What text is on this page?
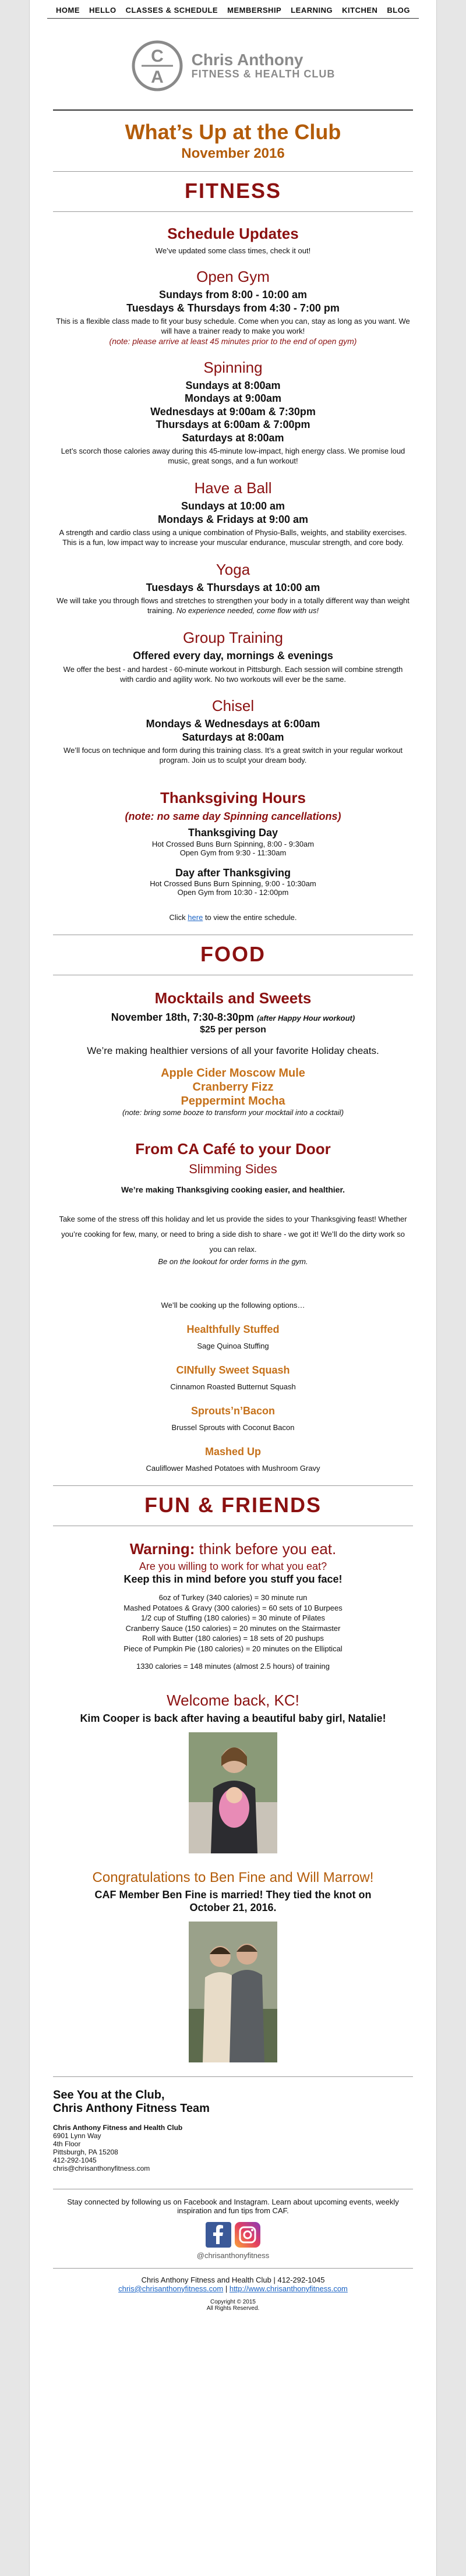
HOME HELLO CLASSES & SCHEDULE MEMBERSHIP LEARNING KITCHEN BLOG
C
A
Chris Anthony
FITNESS & HEALTH CLUB
What’s Up at the Club
November 2016
FITNESS
Schedule Updates
We’ve updated some class times, check it out!
Open Gym
Sundays from 8:00 - 10:00 am
Tuesdays & Thursdays from 4:30 - 7:00 pm
This is a flexible class made to fit your busy schedule. Come when you can, stay as long as you want. We will have a trainer ready to make you work!
(note: please arrive at least 45 minutes prior to the end of open gym)
Spinning
Sundays at 8:00am
Mondays at 9:00am
Wednesdays at 9:00am & 7:30pm
Thursdays at 6:00am & 7:00pm
Saturdays at 8:00am
Let’s scorch those calories away during this 45-minute low-impact, high energy class. We promise loud music, great songs, and a fun workout!
Have a Ball
Sundays at 10:00 am
Mondays & Fridays at 9:00 am
A strength and cardio class using a unique combination of Physio-Balls, weights, and stability exercises. This is a fun, low impact way to increase your muscular endurance, muscular strength, and core body.
Yoga
Tuesdays & Thursdays at 10:00 am
We will take you through flows and stretches to strengthen your body in a totally different way than weight training. No experience needed, come flow with us!
Group Training
Offered every day, mornings & evenings
We offer the best - and hardest - 60-minute workout in Pittsburgh. Each session will combine strength with cardio and agility work. No two workouts will ever be the same.
Chisel
Mondays & Wednesdays at 6:00am
Saturdays at 8:00am
We’ll focus on technique and form during this training class. It’s a great switch in your regular workout program. Join us to sculpt your dream body.
Thanksgiving Hours
(note: no same day Spinning cancellations)
Thanksgiving Day
Hot Crossed Buns Burn Spinning, 8:00 - 9:30am
Open Gym from 9:30 - 11:30am
Day after Thanksgiving
Hot Crossed Buns Burn Spinning, 9:00 - 10:30am
Open Gym from 10:30 - 12:00pm
Click here to view the entire schedule.
FOOD
Mocktails and Sweets
November 18th, 7:30-8:30pm (after Happy Hour workout)
$25 per person
We’re making healthier versions of all your favorite Holiday cheats.
Apple Cider Moscow Mule
Cranberry Fizz
Peppermint Mocha
(note: bring some booze to transform your mocktail into a cocktail)
From CA Café to your Door
Slimming Sides
We’re making Thanksgiving cooking easier, and healthier.
Take some of the stress off this holiday and let us provide the sides to your Thanksgiving feast! Whether you’re cooking for few, many, or need to bring a side dish to share - we got it! We’ll do the dirty work so you can relax.
Be on the lookout for order forms in the gym.
We’ll be cooking up the following options…
Healthfully Stuffed
Sage Quinoa Stuffing
CINfully Sweet Squash
Cinnamon Roasted Butternut Squash
Sprouts’n’Bacon
Brussel Sprouts with Coconut Bacon
Mashed Up
Cauliflower Mashed Potatoes with Mushroom Gravy
FUN & FRIENDS
Warning: think before you eat.
Are you willing to work for what you eat?
Keep this in mind before you stuff you face!
6oz of Turkey (340 calories) = 30 minute run
Mashed Potatoes & Gravy (300 calories) = 60 sets of 10 Burpees
1/2 cup of Stuffing (180 calories) = 30 minute of Pilates
Cranberry Sauce (150 calories) = 20 minutes on the Stairmaster
Roll with Butter (180 calories) = 18 sets of 20 pushups
Piece of Pumpkin Pie (180 calories) = 20 minutes on the Elliptical
1330 calories = 148 minutes (almost 2.5 hours) of training
Welcome back, KC!
Kim Cooper is back after having a beautiful baby girl, Natalie!
Congratulations to Ben Fine and Will Marrow!
CAF Member Ben Fine is married! They tied the knot on October 21, 2016.
See You at the Club,
Chris Anthony Fitness Team
Chris Anthony Fitness and Health Club
6901 Lynn Way
4th Floor
Pittsburgh, PA 15208
412-292-1045
chris@chrisanthonyfitness.com
Stay connected by following us on Facebook and Instagram. Learn about upcoming events, weekly inspiration and fun tips from CAF.
@chrisanthonyfitness
Chris Anthony Fitness and Health Club | 412-292-1045
chris@chrisanthonyfitness.com | http://www.chrisanthonyfitness.com
Copyright © 2015
All Rights Reserved.
